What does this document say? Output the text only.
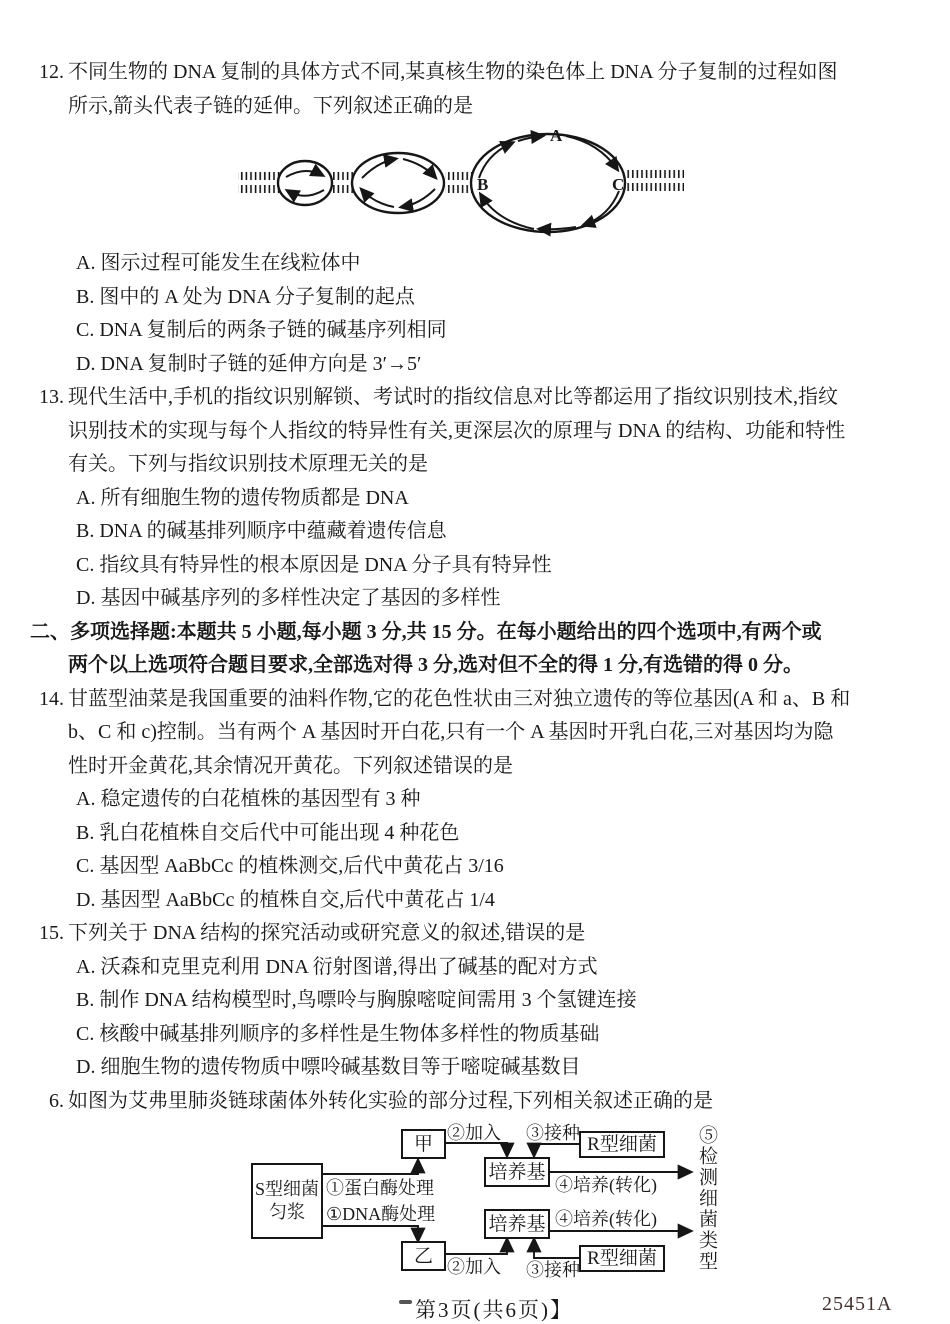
12. 不同生物的 DNA 复制的具体方式不同,某真核生物的染色体上 DNA 分子复制的过程如图
所示,箭头代表子链的延伸。下列叙述正确的是
A
B	C
A. 图示过程可能发生在线粒体中
B. 图中的 A 处为 DNA 分子复制的起点
C. DNA 复制后的两条子链的碱基序列相同
D. DNA 复制时子链的延伸方向是 3′→5′
13. 现代生活中,手机的指纹识别解锁、考试时的指纹信息对比等都运用了指纹识别技术,指纹
识别技术的实现与每个人指纹的特异性有关,更深层次的原理与 DNA 的结构、功能和特性
有关。下列与指纹识别技术原理无关的是
A. 所有细胞生物的遗传物质都是 DNA
B. DNA 的碱基排列顺序中蕴藏着遗传信息
C. 指纹具有特异性的根本原因是 DNA 分子具有特异性
D. 基因中碱基序列的多样性决定了基因的多样性
二、多项选择题:本题共 5 小题,每小题 3 分,共 15 分。在每小题给出的四个选项中,有两个或
两个以上选项符合题目要求,全部选对得 3 分,选对但不全的得 1 分,有选错的得 0 分。
14. 甘蓝型油菜是我国重要的油料作物,它的花色性状由三对独立遗传的等位基因(A 和 a、B 和
b、C 和 c)控制。当有两个 A 基因时开白花,只有一个 A 基因时开乳白花,三对基因均为隐
性时开金黄花,其余情况开黄花。下列叙述错误的是
A. 稳定遗传的白花植株的基因型有 3 种
B. 乳白花植株自交后代中可能出现 4 种花色
C. 基因型 AaBbCc 的植株测交,后代中黄花占 3/16
D. 基因型 AaBbCc 的植株自交,后代中黄花占 1/4
15. 下列关于 DNA 结构的探究活动或研究意义的叙述,错误的是
A. 沃森和克里克利用 DNA 衍射图谱,得出了碱基的配对方式
B. 制作 DNA 结构模型时,鸟嘌呤与胸腺嘧啶间需用 3 个氢键连接
C. 核酸中碱基排列顺序的多样性是生物体多样性的物质基础
D. 细胞生物的遗传物质中嘌呤碱基数目等于嘧啶碱基数目
6. 如图为艾弗里肺炎链球菌体外转化实验的部分过程,下列相关叙述正确的是
S型细菌匀浆
甲
乙
培养基
培养基
R型细菌
R型细菌
①蛋白酶处理
①DNA酶处理
②加入 ③接种
④培养(转化)
②加入 ③接种
④培养(转化) ⑤检测细菌类型
第3页(共6页)】	25451A
